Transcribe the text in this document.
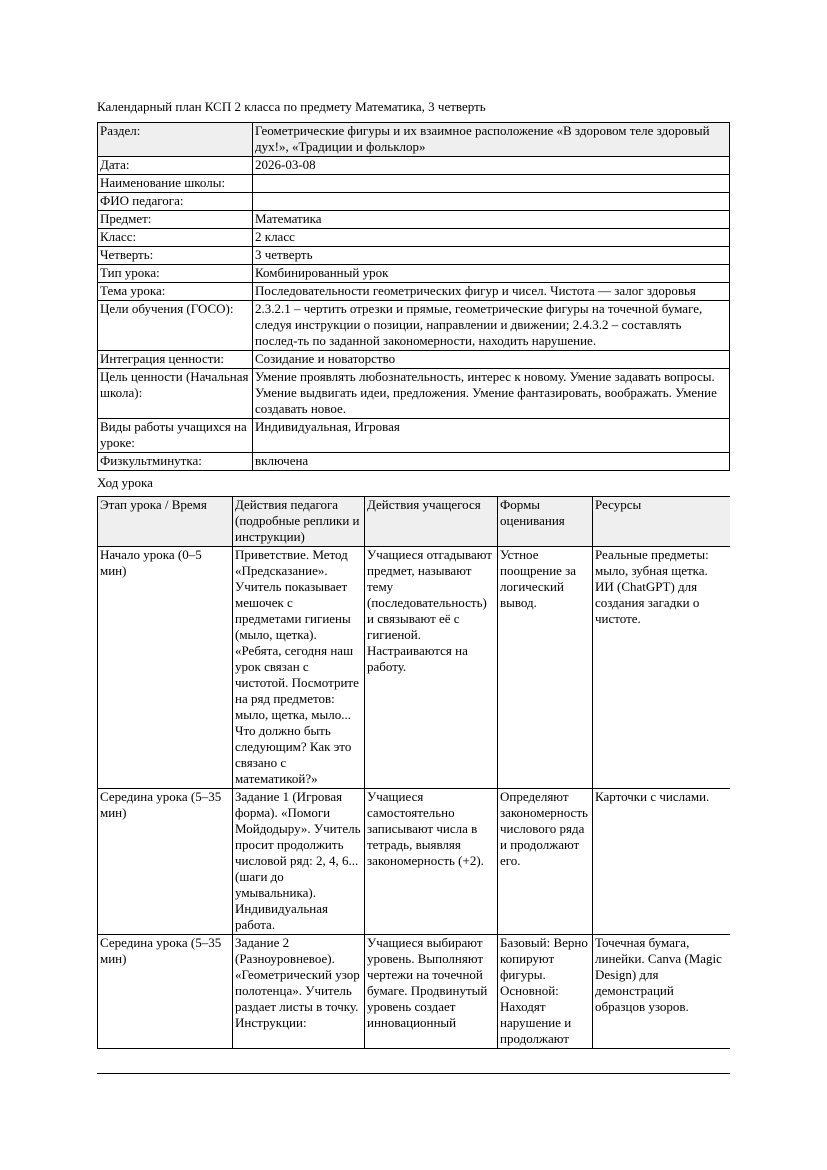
Календарный план КСП 2 класса по предмету Математика, 3 четверть
Раздел:	Геометрические фигуры и их взаимное расположение «В здоровом теле здоровый дух!», «Традиции и фольклор»
Дата:	2026-03-08
Наименование школы:	
ФИО педагога:	
Предмет:	Математика
Класс:	2 класс
Четверть:	3 четверть
Тип урока:	Комбинированный урок
Тема урока:	Последовательности геометрических фигур и чисел. Чистота — залог здоровья
Цели обучения (ГОСО):	2.3.2.1 – чертить отрезки и прямые, геометрические фигуры на точечной бумаге, следуя инструкции о позиции, направлении и движении; 2.4.3.2 – составлять послед-ть по заданной закономерности, находить нарушение.
Интеграция ценности:	Созидание и новаторство
Цель ценности (Начальная школа):	Умение проявлять любознательность, интерес к новому. Умение задавать вопросы. Умение выдвигать идеи, предложения. Умение фантазировать, воображать. Умение создавать новое.
Виды работы учащихся на уроке:	Индивидуальная, Игровая
Физкультминутка:	включена
Ход урока
Этап урока / Время	Действия педагога (подробные реплики и инструкции)	Действия учащегося	Формы оценивания	Ресурсы
Начало урока (0–5 мин)	Приветствие. Метод «Предсказание». Учитель показывает мешочек с предметами гигиены (мыло, щетка). «Ребята, сегодня наш урок связан с чистотой. Посмотрите на ряд предметов: мыло, щетка, мыло... Что должно быть следующим? Как это связано с математикой?»	Учащиеся отгадывают предмет, называют тему (последовательность) и связывают её с гигиеной. Настраиваются на работу.	Устное поощрение за логический вывод.	Реальные предметы: мыло, зубная щетка. ИИ (ChatGPT) для создания загадки о чистоте.
Середина урока (5–35 мин)	Задание 1 (Игровая форма). «Помоги Мойдодыру». Учитель просит продолжить числовой ряд: 2, 4, 6... (шаги до умывальника). Индивидуальная работа.	Учащиеся самостоятельно записывают числа в тетрадь, выявляя закономерность (+2).	Определяют закономерность числового ряда и продолжают его.	Карточки с числами.
Середина урока (5–35 мин)	Задание 2 (Разноуровневое). «Геометрический узор полотенца». Учитель раздает листы в точку. Инструкции:	Учащиеся выбирают уровень. Выполняют чертежи на точечной бумаге. Продвинутый уровень создает инновационный	Базовый: Верно копируют фигуры. Основной: Находят нарушение и продолжают	Точечная бумага, линейки. Canva (Magic Design) для демонстраций образцов узоров.
